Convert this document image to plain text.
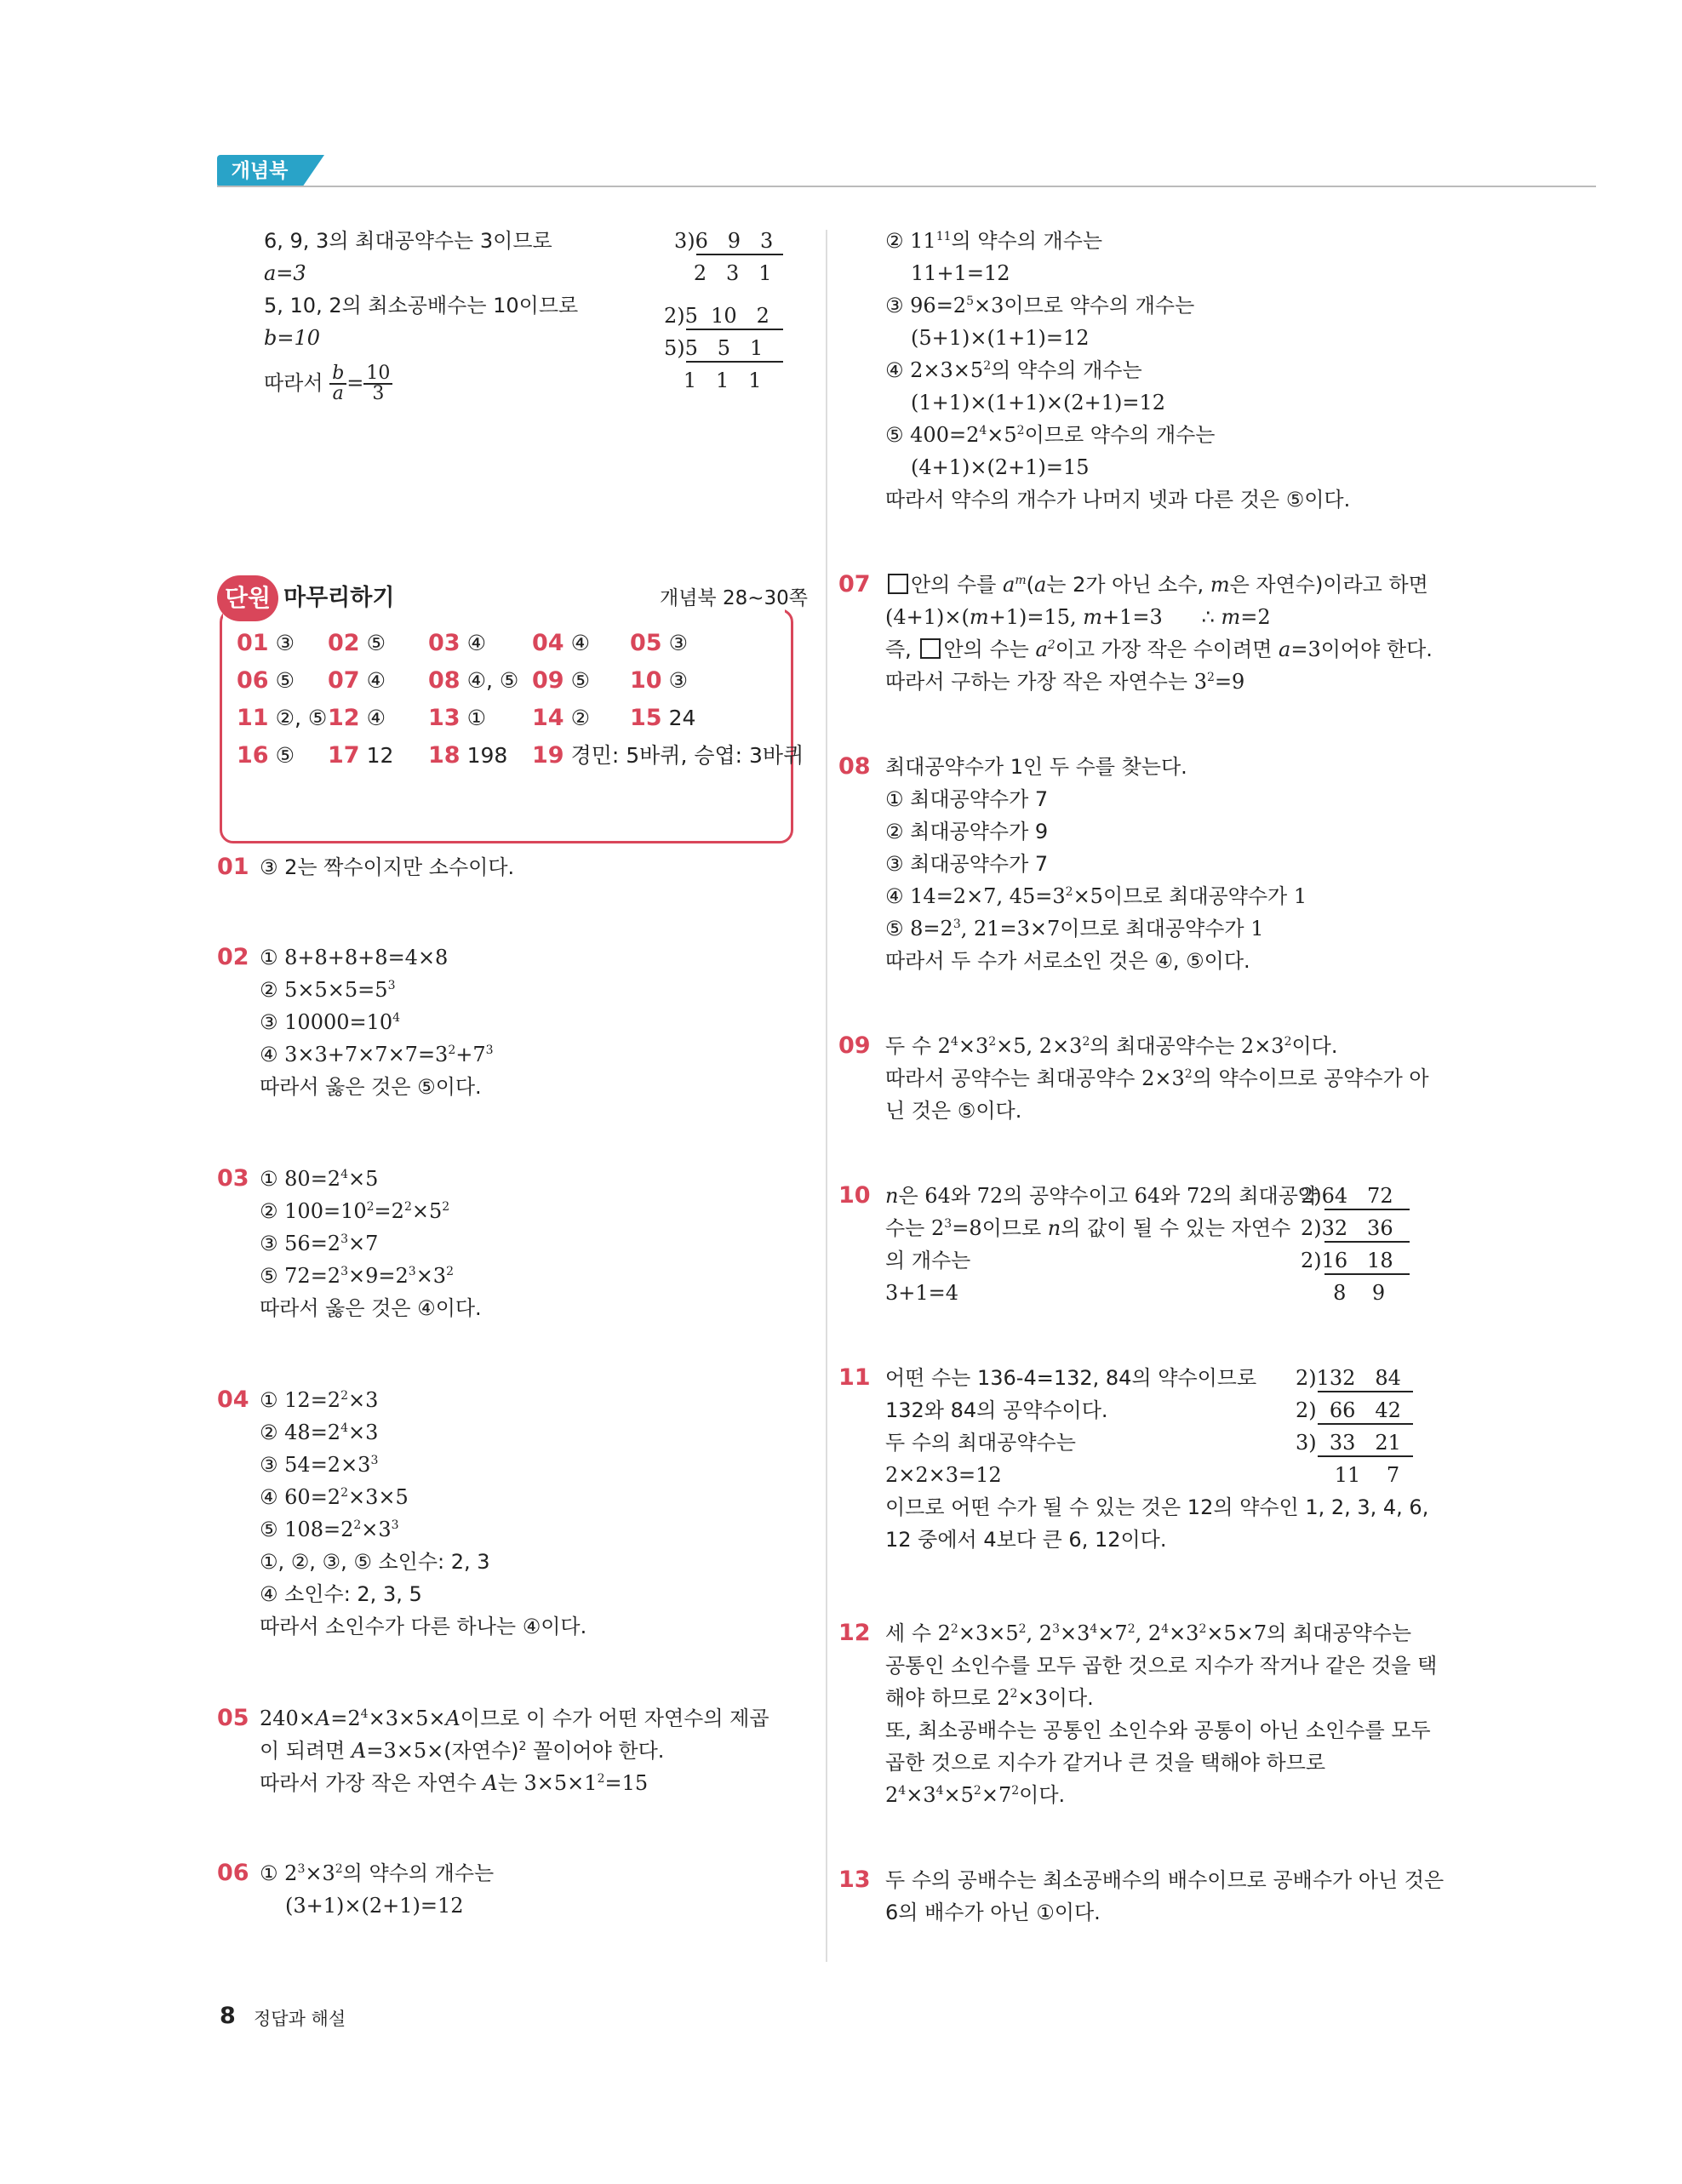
개념북
6, 9, 3의 최대공약수는 3이므로
a=3
5, 10, 2의 최소공배수는 10이므로
b=10
따라서 $\frac{b}{a} = \frac{10}{3}$
3)6   9   3
2   3   1
2)5  10   2
5)5   5   1
1   1   1
단원 마무리하기	개념북 28~30쪽
01 ③ 02 ⑤ 03 ④ 04 ④ 05 ③
06 ⑤ 07 ④ 08 ④, ⑤ 09 ⑤ 10 ③
11 ②, ⑤ 12 ④ 13 ① 14 ② 15 24
16 ⑤ 17 12 18 198 19 경민: 5바퀴, 승엽: 3바퀴
01 ③ 2는 짝수이지만 소수이다.
02 ① 8+8+8+8=4×8
② $5\times 5\times 5=5^3$
③ $10000=10^4$
④ $3\times 3+7\times 7\times 7=3^2+7^3$
따라서 옳은 것은 ⑤이다.
03 ① $80=2^4\times 5$
② $100=10^2=2^2\times 5^2$
③ $56=2^3\times 7$
⑤ $72=2^3\times 9=2^3\times 3^2$
따라서 옳은 것은 ④이다.
04 ① $12=2^2\times 3$
② $48=2^4\times 3$
③ $54=2\times 3^3$
④ $60=2^2\times 3\times 5$
⑤ $108=2^2\times 3^3$
①, ②, ③, ⑤ 소인수: 2, 3
④ 소인수: 2, 3, 5
따라서 소인수가 다른 하나는 ④이다.
05 $240\times A=2^4\times 3\times 5\times A$이므로 이 수가 어떤 자연수의 제곱
이 되려면 A=3×5×(자연수)$^2$ 꼴이어야 한다.
따라서 가장 작은 자연수 A는 $3\times 5\times 1^2=15$
06 ① $2^3\times 3^2$의 약수의 개수는
(3+1)×(2+1)=12
② $11^{11}$의 약수의 개수는
11+1=12
③ $96=2^5\times 3$이므로 약수의 개수는
(5+1)×(1+1)=12
④ $2\times 3\times 5^2$의 약수의 개수는
(1+1)×(1+1)×(2+1)=12
⑤ $400=2^4\times 5^2$이므로 약수의 개수는
(4+1)×(2+1)=15
따라서 약수의 개수가 나머지 넷과 다른 것은 ⑤이다.
07	안의 수를 $a^m(a$는 2가 아닌 소수, m은 자연수)이라고 하면
(4+1)×(m+1)=15, m+1=3      ∴ m=2
즉, 안의 수는 $a^2$이고 가장 작은 수이려면 a=3이어야 한다.
따라서 구하는 가장 작은 자연수는 $3^2=9$
08 최대공약수가 1인 두 수를 찾는다.
① 최대공약수가 7
② 최대공약수가 9
③ 최대공약수가 7
④ 14=2×7, $45=3^2\times 5$이므로 최대공약수가 1
⑤ $8=2^3$, 21=3×7이므로 최대공약수가 1
따라서 두 수가 서로소인 것은 ④, ⑤이다.
09 두 수 $2^4\times 3^2\times 5$, $2\times 3^2$의 최대공약수는 $2\times 3^2$이다.
따라서 공약수는 최대공약수 $2\times 3^2$의 약수이므로 공약수가 아
닌 것은 ⑤이다.
10 n은 64와 72의 공약수이고 64와 72의 최대공약
수는 $2^3=8$이므로 n의 값이 될 수 있는 자연수
의 개수는
3+1=4
2)64   72
2)32   36
2)16   18
8    9
11 어떤 수는 136-4=132, 84의 약수이므로
132와 84의 공약수이다.
두 수의 최대공약수는
2×2×3=12
이므로 어떤 수가 될 수 있는 것은 12의 약수인 1, 2, 3, 4, 6,
12 중에서 4보다 큰 6, 12이다.
2)132   84
2)  66   42
3)  33   21
11    7
12 세 수 $2^2\times 3\times 5^2$, $2^3\times 3^4\times 7^2$, $2^4\times 3^2\times 5\times 7$의 최대공약수는
공통인 소인수를 모두 곱한 것으로 지수가 작거나 같은 것을 택
해야 하므로 $2^2\times 3$이다.
또, 최소공배수는 공통인 소인수와 공통이 아닌 소인수를 모두
곱한 것으로 지수가 같거나 큰 것을 택해야 하므로
$2^4\times 3^4\times 5^2\times 7^2$이다.
13 두 수의 공배수는 최소공배수의 배수이므로 공배수가 아닌 것은
6의 배수가 아닌 ①이다.
8 정답과 해설
